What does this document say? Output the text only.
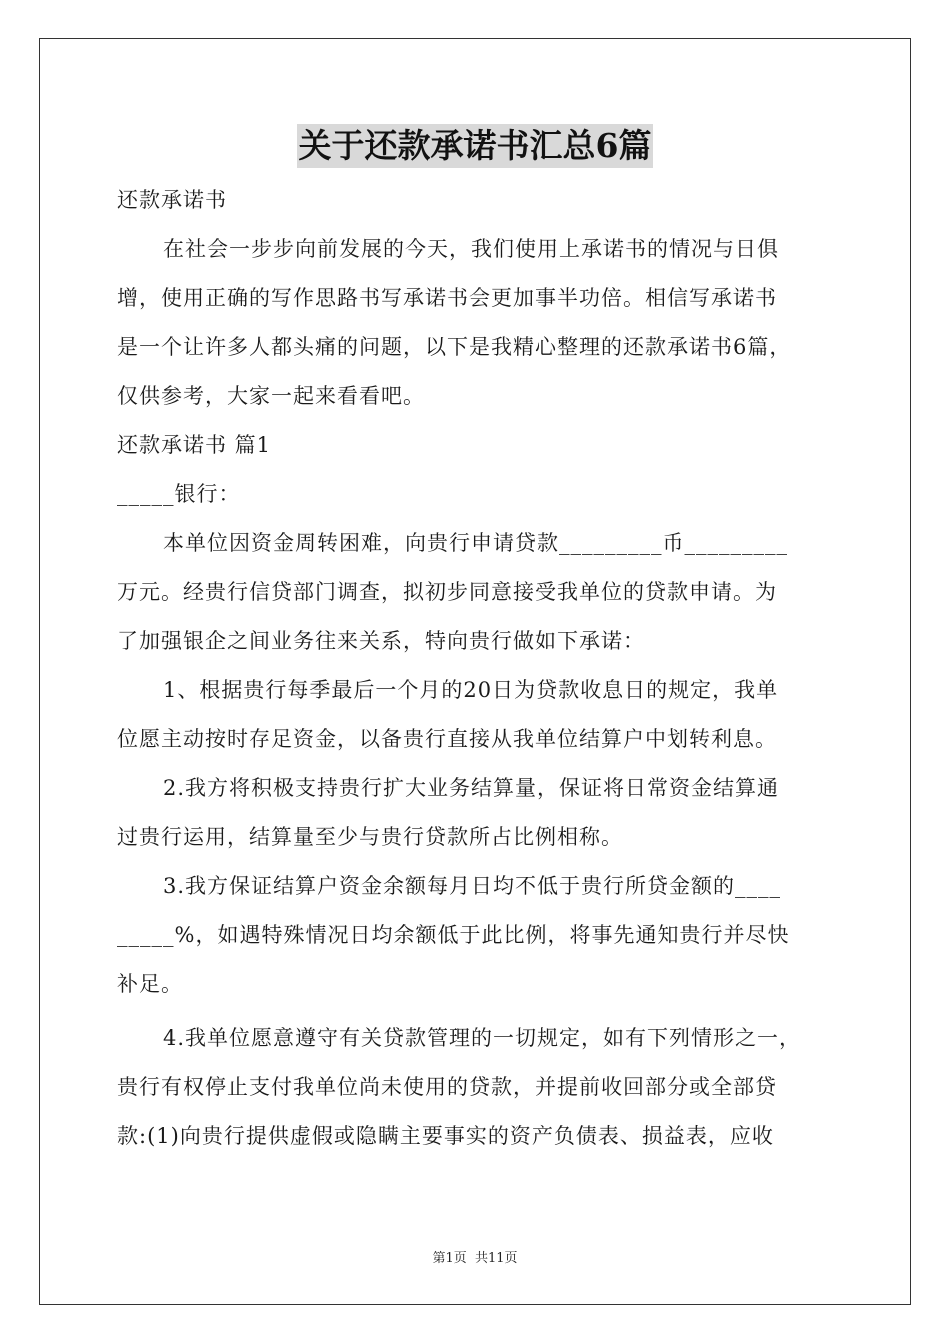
关于还款承诺书汇总6篇
还款承诺书
在社会一步步向前发展的今天，我们使用上承诺书的情况与日俱
增，使用正确的写作思路书写承诺书会更加事半功倍。相信写承诺书
是一个让许多人都头痛的问题，以下是我精心整理的还款承诺书6篇，
仅供参考，大家一起来看看吧。
还款承诺书 篇1
_____银行：
本单位因资金周转困难，向贵行申请贷款_________币_________
万元。经贵行信贷部门调查，拟初步同意接受我单位的贷款申请。为
了加强银企之间业务往来关系，特向贵行做如下承诺：
1、根据贵行每季最后一个月的20日为贷款收息日的规定，我单
位愿主动按时存足资金，以备贵行直接从我单位结算户中划转利息。
2.我方将积极支持贵行扩大业务结算量，保证将日常资金结算通
过贵行运用，结算量至少与贵行贷款所占比例相称。
3.我方保证结算户资金余额每月日均不低于贵行所贷金额的____
_____%，如遇特殊情况日均余额低于此比例，将事先通知贵行并尽快
补足。
4.我单位愿意遵守有关贷款管理的一切规定，如有下列情形之一，
贵行有权停止支付我单位尚未使用的贷款，并提前收回部分或全部贷
款:(1)向贵行提供虚假或隐瞒主要事实的资产负债表、损益表，应收
第1页 共11页
